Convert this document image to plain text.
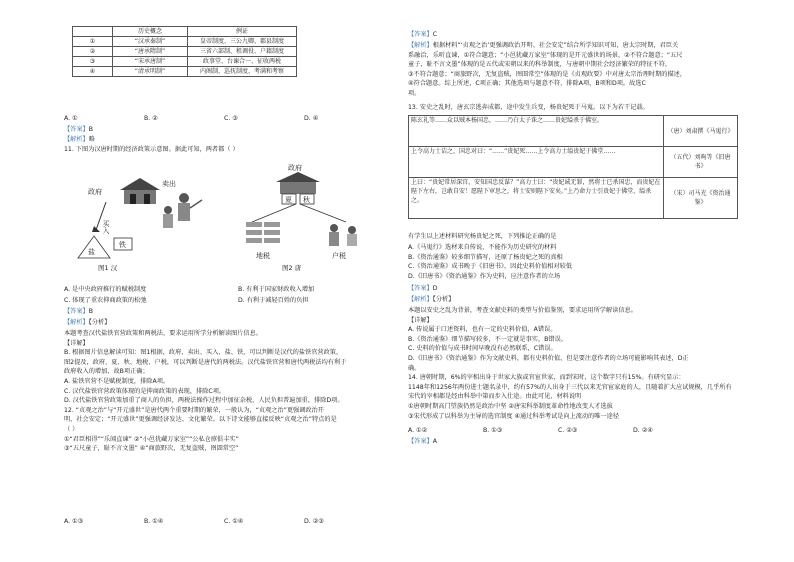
	历史概念	例证
①	“汉承秦制”	皇帝制度、三公九卿、郡县制度
②	“唐承隋制”	三省六部制、租调役、户籍制度
③	“宋承唐制”	政事堂、台谏合一、征收两税
④	“清承明制”	内阁制、巡抚制度、考满和考察
A. ①	B. ②	C. ③	D. ④
【答案】B
【解析】略
11. 下图为汉唐时期的经济政策示意图。据此可知，两者都（ ）
政府
卖出
买入
盐
铁
图1 汉
政府
夏 秋
地税	户税
图2 唐
A. 是中央政府推行的赋税制度	B. 有利于国家财政收入增加
C. 体现了重农抑商政策的松弛	D. 有利于减轻百姓的负担
【答案】B
【解析】【分析】
本题考查汉代盐铁官营政策和两税法，要求运用所学分析解读图片信息。
【详解】
B. 根据图片信息解读可知：图1根据，政府、卖出、买入、盐、铁，可以判断是汉代的盐铁官营政策，
图2提及，政府、夏、秋、地税、户税，可以判断是唐代的两税法。汉代盐铁官营和唐代两税法均有利于
政府收入的增加，故B项正确；
A. 盐铁官营不是赋税制度，排除A项。
C. 汉代盐铁官营政策体现的是抑商政策的表现，排除C项。
D. 汉代盐铁官营政策加重了商人的负担，两税法操作过程中加征杂税，人民负担普遍加重，排除D项。
12. “贞观之治”与“开元盛世”是唐代两个重要时期的繁荣，一般认为，“贞观之治”更强调政治开
明、社会安定；“开元盛世”更强调经济发达、文化繁荣。以下诗文能够直接反映“贞观之治”特点的是
（ ）
①“君臣相得”“乐闻直谏” ②“小邑犹藏万家室”“公私仓廪俱丰实”
③“五尺童子，耻不言文墨” ④“商旅野次，无复盗贼，囹圄常空”
A. ①③	B. ①④	C. ①④	D. ②③
【答案】C
【解析】根据材料“‘贞观之治’更强调政治开明、社会安定”结合所学知识可知，唐太宗时期，君臣关
系融洽，乐听直谏，①符合题意；“小邑犹藏万家室”体现的是开元盛世的场景，②不符合题意；“五尺
童子，耻不言文墨”体现的是五代或宋朝以来的科举制度，与唐朝中期社会经济繁荣的特征不符，
③不符合题意；“商旅野次，无复盗贼，囹圄常空”体现的是《贞观政要》中对唐太宗治理时期的描述，
④符合题意。综上所述，C项正确；其他选项与题意不符，排除A项、B项和D项。故选C
项。
13. 安史之乱时，唐玄宗逃奔成都，途中发生兵变，杨贵妃死于马嵬。以下为若干记载。
陈玄礼等……众以贼本杨国忠，……乃白太子诛之……贵妃缢杀于佛室。	（唐）刘肃撰《马嵬行》
上令高力士诘之，国忠对曰：“……”贵妃死……上令高力士缢贵妃于佛堂……	（五代）刘昫等《旧唐书》
上曰：“贵妃常居深宫，安知国忠反谋？”高力士曰：“贵妃诚无罪，然将士已杀国忠，而贵妃在陛下左右，岂敢自安！愿陛下审思之，将士安则陛下安矣。”上乃命力士引贵妃于佛堂，缢杀之。	（宋）司马光《资治通鉴》
有学生以上述材料研究杨贵妃之死，下列推论正确的是
A.《马嵬行》选材来自传说，不能作为历史研究的材料
B.《资治通鉴》较多细节描写，还原了杨贵妃之死的真相
C.《资治通鉴》成书晚于《旧唐书》，因此史料价值相对较低
D.《旧唐书》《资治通鉴》作为史料，应注意作者的立场
【答案】D
【解析】【分析】
本题以安史之乱为背景，考查文献史料的类型与价值鉴别，要求运用所学解读信息。
【详解】
A. 传说属于口述资料，也有一定的史料价值，A错误。
B.《资治通鉴》细节描写较多，不一定就是事实，B错误。
C. 史料的价值与成书时间早晚没有必然联系，C错误。
D.《旧唐书》《资治通鉴》作为文献史料，都有史料价值，但是要注意作者的立场可能影响其表述，D正
确。
14. 唐朝时期，6%的宰相出身于世家大族或官宦世家，而到宋时，这个数字只有15%。有研究显示：
1148年和1256年两份进士题名录中，约有57%的人出身于三代以来无官宦家庭的人，且随着扩大应试规模，几乎所有
宋代的宰相都是经由科举中第而步入仕途。由此可见，材料说明
①唐朝时期高门望族仍然是政治中坚 ②唐宋科举制度革命性地改变人才选拔
③宋代形成了以科举为主导的选官制度 ④通过科举考试是向上流动的唯一途径
A. ①②	B. ①③	C. ②③	D. ②④
【答案】A
